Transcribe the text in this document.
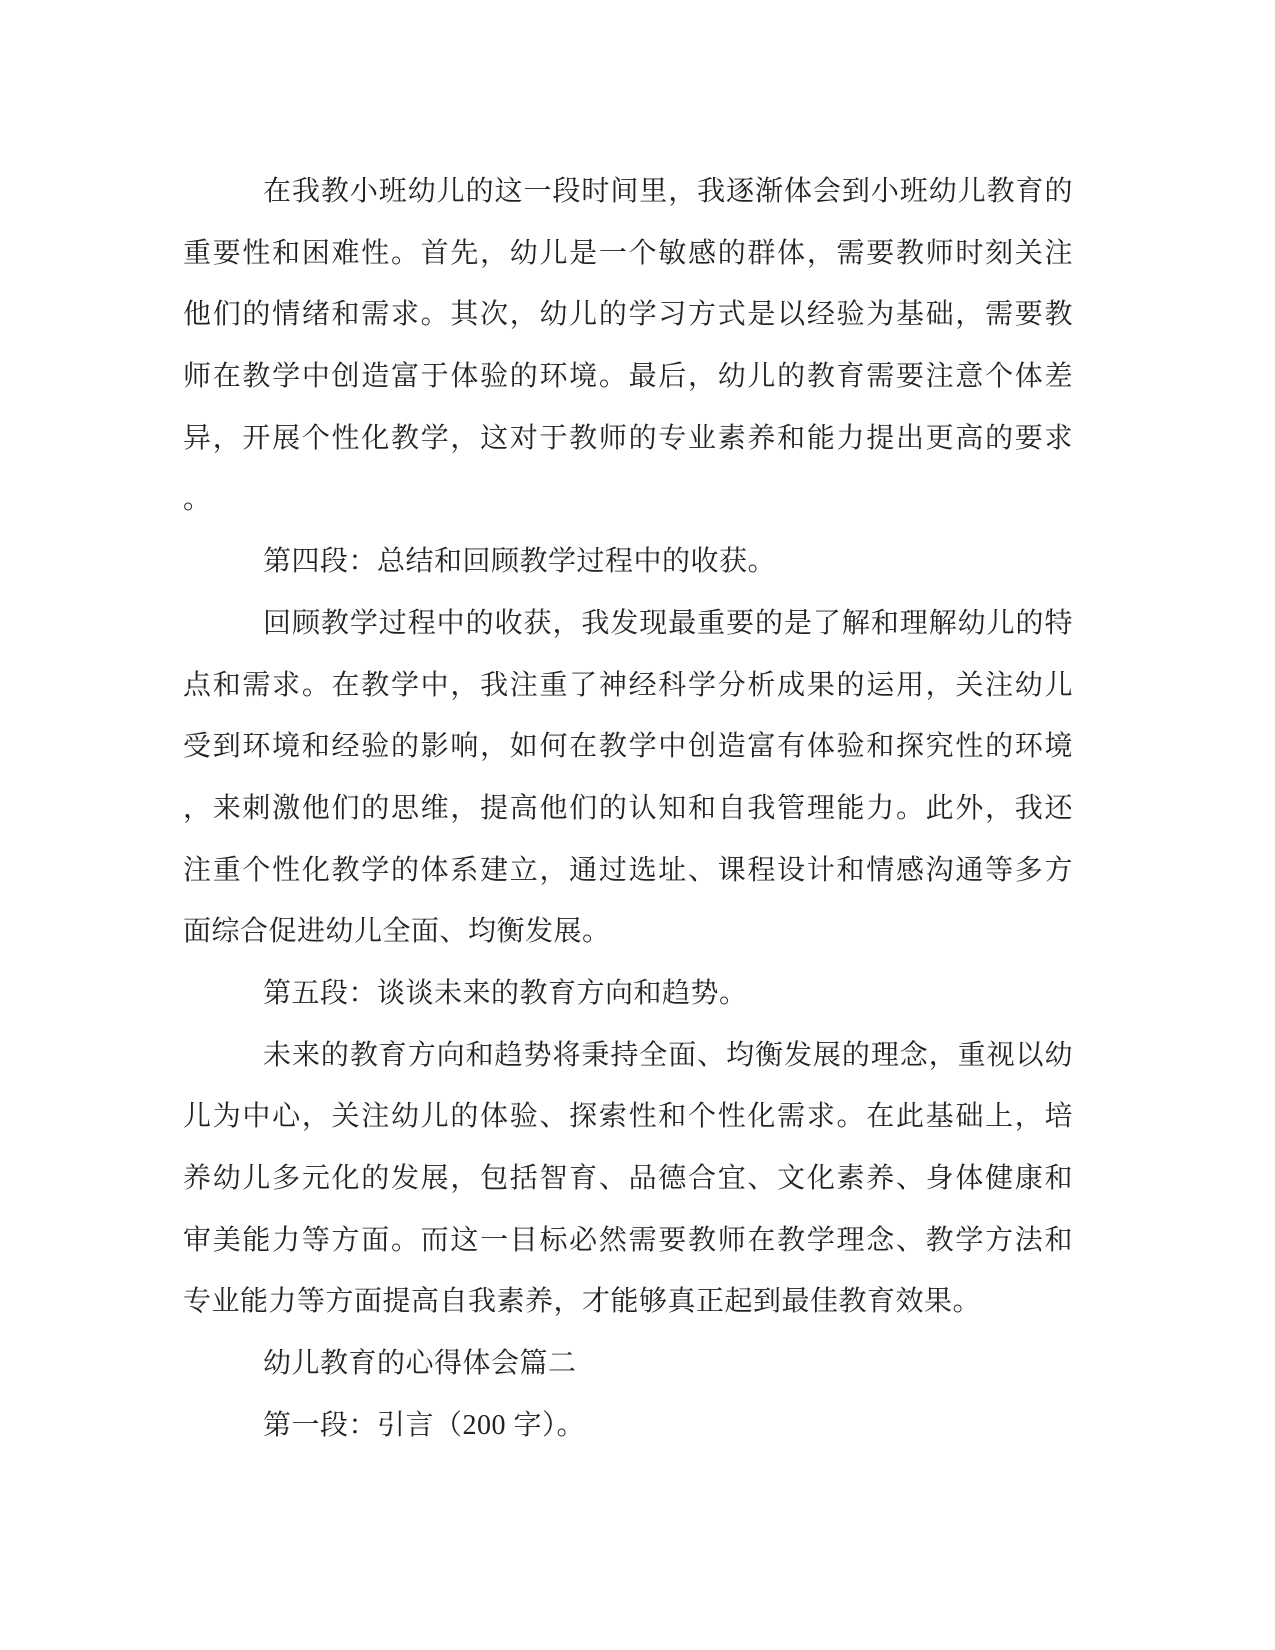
在我教小班幼儿的这一段时间里，我逐渐体会到小班幼儿教育的
重要性和困难性。首先，幼儿是一个敏感的群体，需要教师时刻关注
他们的情绪和需求。其次，幼儿的学习方式是以经验为基础，需要教
师在教学中创造富于体验的环境。最后，幼儿的教育需要注意个体差
异，开展个性化教学，这对于教师的专业素养和能力提出更高的要求
。
第四段：总结和回顾教学过程中的收获。
回顾教学过程中的收获，我发现最重要的是了解和理解幼儿的特
点和需求。在教学中，我注重了神经科学分析成果的运用，关注幼儿
受到环境和经验的影响，如何在教学中创造富有体验和探究性的环境
，来刺激他们的思维，提高他们的认知和自我管理能力。此外，我还
注重个性化教学的体系建立，通过选址、课程设计和情感沟通等多方
面综合促进幼儿全面、均衡发展。
第五段：谈谈未来的教育方向和趋势。
未来的教育方向和趋势将秉持全面、均衡发展的理念，重视以幼
儿为中心，关注幼儿的体验、探索性和个性化需求。在此基础上，培
养幼儿多元化的发展，包括智育、品德合宜、文化素养、身体健康和
审美能力等方面。而这一目标必然需要教师在教学理念、教学方法和
专业能力等方面提高自我素养，才能够真正起到最佳教育效果。
幼儿教育的心得体会篇二
第一段：引言（200 字）。
